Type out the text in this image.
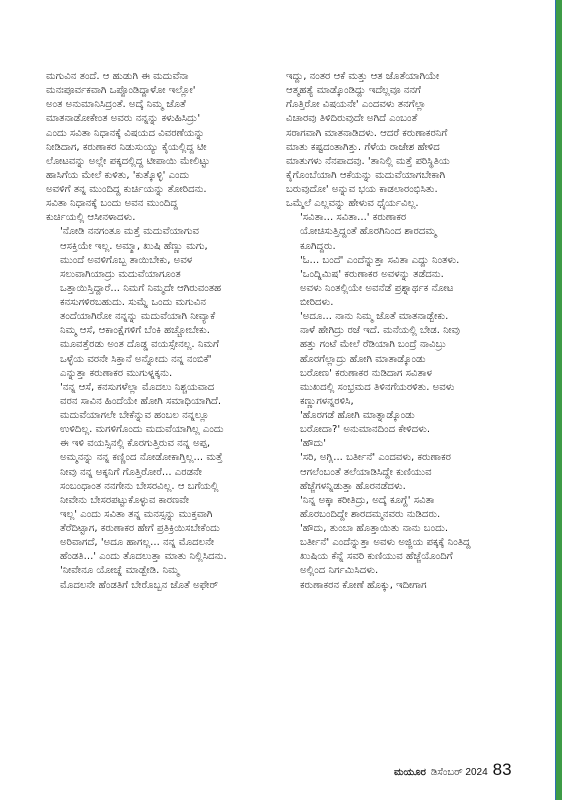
ಮಗುವಿನ ತಂದೆ. ಆ ಹುಡುಗಿ ಈ ಮದುವೆನಾ
ಮನಃಪೂರ್ವಕವಾಗಿ ಒಪ್ಪೊಂಡಿದ್ದಾಳೋ ಇಲ್ಲೋ'
ಅಂತ ಅನುಮಾನಿಸಿದ್ರಂತೆ. ಅದ್ಕೆ ನಿಮ್ಮ ಜೊತೆ
ಮಾತನಾಡೋಕೇಂತ ಅವರು ನನ್ನನ್ನು ಕಳುಹಿಸಿದ್ರು'
ಎಂದು ಸವಿತಾ ನಿಧಾನಕ್ಕೆ ವಿಷಯದ ವಿವರಣೆಯನ್ನು
ನೀಡಿದಾಗ, ಕರುಣಾಕರ ನಿಡುಸುಯ್ಯು ಕೈಯಲ್ಲಿದ್ದ ಟೀ
ಲೋಟವನ್ನು ಅಲ್ಲೇ ಪಕ್ಕದಲ್ಲಿದ್ದ ಟೀಪಾಯಿ ಮೇಲಿಟ್ಟು
ಹಾಸಿಗೆಯ ಮೇಲೆ ಕುಳಿತು, 'ಕುತ್ಕೊಳ್ಳಿ' ಎಂದು
ಅವಳಿಗೆ ತನ್ನ ಮುಂದಿದ್ದ ಕುರ್ಚಿಯನ್ನು ತೋರಿದನು.
ಸವಿತಾ ನಿಧಾನಕ್ಕೆ ಬಂದು ಅವನ ಮುಂದಿದ್ದ
ಕುರ್ಚಿಯಲ್ಲಿ ಆಸೀನಳಾದಳು.

'ನೋಡಿ ನನಗಂತೂ ಮತ್ತೆ ಮದುವೆಯಾಗುವ
ಆಸಕ್ತಿಯೇ ಇಲ್ಲ. ಅಮ್ಮಾ, ಖುಷಿ ಹೆಣ್ಣು ಮಗು,
ಮುಂದೆ ಅವಳಿಗೊಬ್ಬ ತಾಯಿಬೇಕು, ಅವಳ
ಸಲುವಾಗಿಯಾದ್ರು ಮದುವೆಯಾಗೂಂತ
ಒತ್ತಾಯಿಸ್ತಿದ್ದಾರೆ... ನಿಮಗೆ ನಿಮ್ಮದೇ ಆಗಿರುವಂತಹ
ಕನಸುಗಳಿರಬಹುದು. ಸುಮ್ನೆ ಒಂದು ಮಗುವಿನ
ತಂದೆಯಾಗಿರೋ ನನ್ನನ್ನು ಮದುವೆಯಾಗಿ ನೀವ್ಯಾಕೆ
ನಿಮ್ಮ ಆಸೆ, ಆಕಾಂಕ್ಷೆಗಳಿಗೆ ಬೆಂಕಿ ಹಚ್ಚೋಬೇಕು.
ಮೂವತ್ತೆರಡು ಅಂತ ದೊಡ್ಡ ವಯಸ್ಸೇನಲ್ಲ. ನಿಮಗೆ
ಒಳ್ಳೆಯ ವರನೇ ಸಿಕ್ತಾನೆ ಅನ್ನೋದು ನನ್ನ ನಂಬಿಕೆ'
ಎನ್ನುತ್ತಾ ಕರುಣಾಕರ ಮುಗುಳ್ನಕ್ಕನು.

'ನನ್ನ ಆಸೆ, ಕನಸುಗಳೆಲ್ಲಾ ಮೊದಲು ನಿಶ್ಚಯವಾದ
ವರನ ಸಾವಿನ ಹಿಂದೆಯೇ ಹೋಗಿ ಸಮಾಧಿಯಾಗಿದೆ.
ಮದುವೆಯಾಗಲೇ ಬೇಕೆನ್ನುವ ಹಂಬಲ ನನ್ನಲ್ಲೂ
ಉಳಿದಿಲ್ಲ. ಮಗಳಿಗೊಂದು ಮದುವೆಯಾಗಿಲ್ಲ ಎಂದು
ಈ ಇಳಿ ವಯಸ್ಸಿನಲ್ಲಿ ಕೊರಗುತ್ತಿರುವ ನನ್ನ ಅಪ್ಪ,
ಅಮ್ಮನನ್ನು ನನ್ನ ಕಣ್ಣಿಂದ ನೋಡೋಕಾಗ್ತಿಲ್ಲ... ಮತ್ತೆ
ನೀವು ನನ್ನ ಅಕ್ಕನಿಗೆ ಗೊತ್ತಿರೋರೆ... ಎರಡನೇ
ಸಂಬಂಧಾಂತ ನನಗೇನು ಬೇಸರವಿಲ್ಲ. ಆ ಬಗೆಯಲ್ಲಿ
ನೀವೇನು ಬೇಸರಪಟ್ಟುಕೊಳ್ಳುವ ಕಾರಣವೇ
ಇಲ್ಲ' ಎಂದು ಸವಿತಾ ತನ್ನ ಮನಸ್ಸನ್ನು ಮುಕ್ತವಾಗಿ
ತೆರೆದಿಟ್ಟಾಗ, ಕರುಣಾಕರ ಹೇಗೆ ಪ್ರತಿಕ್ರಿಯಿಸಬೇಕೆಂದು
ಅರಿವಾಗದೆ, 'ಅದೂ ಹಾಗಲ್ಲ... ನನ್ನ ಮೊದಲನೇ
ಹೆಂಡತಿ...' ಎಂದು ತೊದಲುತ್ತಾ ಮಾತು ನಿಲ್ಲಿಸಿದನು.

'ನೀವೇನೂ ಯೋಚ್ನೆ ಮಾಡ್ಬೇಡಿ. ನಿಮ್ಮ
ಮೊದಲನೇ ಹೆಂಡತಿಗೆ ಬೇರೊಬ್ಬನ ಜೊತೆ ಅಫೇರ್

ಇದ್ದು, ನಂತರ ಆಕೆ ಮತ್ತು ಆತ ಜೊತೆಯಾಗಿಯೇ
ಆತ್ಮಹತ್ಯೆ ಮಾಡ್ಕೊಂಡಿದ್ದು ಇದೆಲ್ಲವೂ ನನಗೆ
ಗೊತ್ತಿರೋ ವಿಷಯನೇ' ಎಂದವಳು ತನಗೆಲ್ಲಾ
ವಿಚಾರವು ತಿಳಿದಿರುವುದೇ ಅಗಿದೆ ಎಂಬಂತೆ
ಸರಾಗವಾಗಿ ಮಾತನಾಡಿದಳು. ಆದರೆ ಕರುಣಾಕರನಿಗೆ
ಮಾತು ಕಷ್ಟದಂತಾಗಿತ್ತು. ಗೆಳೆಯ ರಾಜೇಶ ಹೇಳಿದ
ಮಾತುಗಳು ನೆನಪಾದವು. 'ತಾನಿಲ್ಲಿ ಮತ್ತೆ ಪರಿಸ್ಥಿತಿಯ
ಕೈಗೊಂಬೆಯಾಗಿ ಆಕೆಯನ್ನು ಮದುವೆಯಾಗಬೇಕಾಗಿ
ಬರುವುದೋ' ಅನ್ನುವ ಭಯ ಕಾಡಲಾರಂಭಿಸಿತು.
ಒಮ್ಮೆಲೆ ಎಲ್ಲವನ್ನು ಹೇಳುವ ಧೈರ್ಯವಿಲ್ಲ.

'ಸವಿತಾ... ಸವಿತಾ...' ಕರುಣಾಕರ
ಯೋಚಿಸುತ್ತಿದ್ದಂತೆ ಹೊರಗಿನಿಂದ ಶಾರದಮ್ಮ
ಕೂಗಿದ್ದರು.

'ಓ... ಬಂದೆ' ಎಂದೆನ್ನುತ್ತಾ ಸವಿತಾ ಎದ್ದು ನಿಂತಳು.

'ಒಂದ್ನಿಮಿಷ' ಕರುಣಾಕರ ಅವಳನ್ನು ತಡೆದನು.
ಅವಳು ನಿಂತಲ್ಲಿಯೇ ಅವನೆಡೆ ಪ್ರಶ್ನಾರ್ಥಕ ನೋಟ
ಬೀರಿದಳು.

'ಅದೂ... ನಾನು ನಿಮ್ಮ ಜೊತೆ ಮಾತನಾಡ್ಬೇಕು.
ನಾಳೆ ಹೇಗಿದ್ರು ರಜೆ ಇದೆ. ಮನೆಯಲ್ಲಿ ಬೇಡ. ನೀವು
ಹತ್ತು ಗಂಟೆ ಮೇಲೆ ರೆಡಿಯಾಗಿ ಬಂದ್ರೆ ನಾವಿಬ್ರು
ಹೊರಗೆಲ್ಲಾದ್ರು ಹೋಗಿ ಮಾತಾಡ್ಕೊಂಡು
ಬರೋಣ' ಕರುಣಾಕರ ನುಡಿದಾಗ ಸವಿತಾಳ
ಮುಖದಲ್ಲಿ ಸಂಭ್ರಮದ ತಿಳಿನಗೆಯರಳಿತು. ಅವಳು
ಕಣ್ಣುಗಳನ್ನರಳಿಸಿ,

'ಹೊರಗಡೆ ಹೋಗಿ ಮಾತ್ನಾಡ್ಕೊಂಡು
ಬರೋದಾ?' ಅನುಮಾನದಿಂದ ಕೇಳಿದಳು.

'ಹೌದು'

'ಸರಿ, ಅಗ್ಲಿ... ಬರ್ತೀನೆ' ಎಂದವಳು, ಕರುಣಾಕರ
ಆಗಲೆಂಬಂತೆ ತಲೆಯಾಡಿಸಿದ್ದೇ ಕುಣಿಯುವ
ಹೆಜ್ಜೆಗಳನ್ನಿಡುತ್ತಾ ಹೊರನಡೆದಳು.

'ನಿನ್ನ ಅಕ್ಕಾ ಕರೀತಿದ್ರು, ಅದ್ಕೆ ಕೂಗ್ದೆ' ಸವಿತಾ
ಹೊರಬಂದಿದ್ದೇ ಶಾರದಮ್ಮನವರು ನುಡಿದರು.

'ಹೌದು, ತುಂಬಾ ಹೊತ್ತಾಯಿತು ನಾನು ಬಂದು.
ಬರ್ತೀನೆ' ಎಂದೆನ್ನುತ್ತಾ ಅವಳು ಅಜ್ಜಿಯ ಪಕ್ಕಕ್ಕೆ ನಿಂತಿದ್ದ
ಖುಷಿಯ ಕೆನ್ನೆ ಸವರಿ ಕುಣಿಯುವ ಹೆಜ್ಜೆಯೊಂದಿಗೆ
ಅಲ್ಲಿಂದ ನಿರ್ಗಮಿಸಿದಳು.

ಕರುಣಾಕರನ ಕೋಣೆ ಹೊಕ್ಕು, ಇದೀಗಾಗ

ಮಯೂರ ಡಿಸೆಂಬರ್ 2024 83
